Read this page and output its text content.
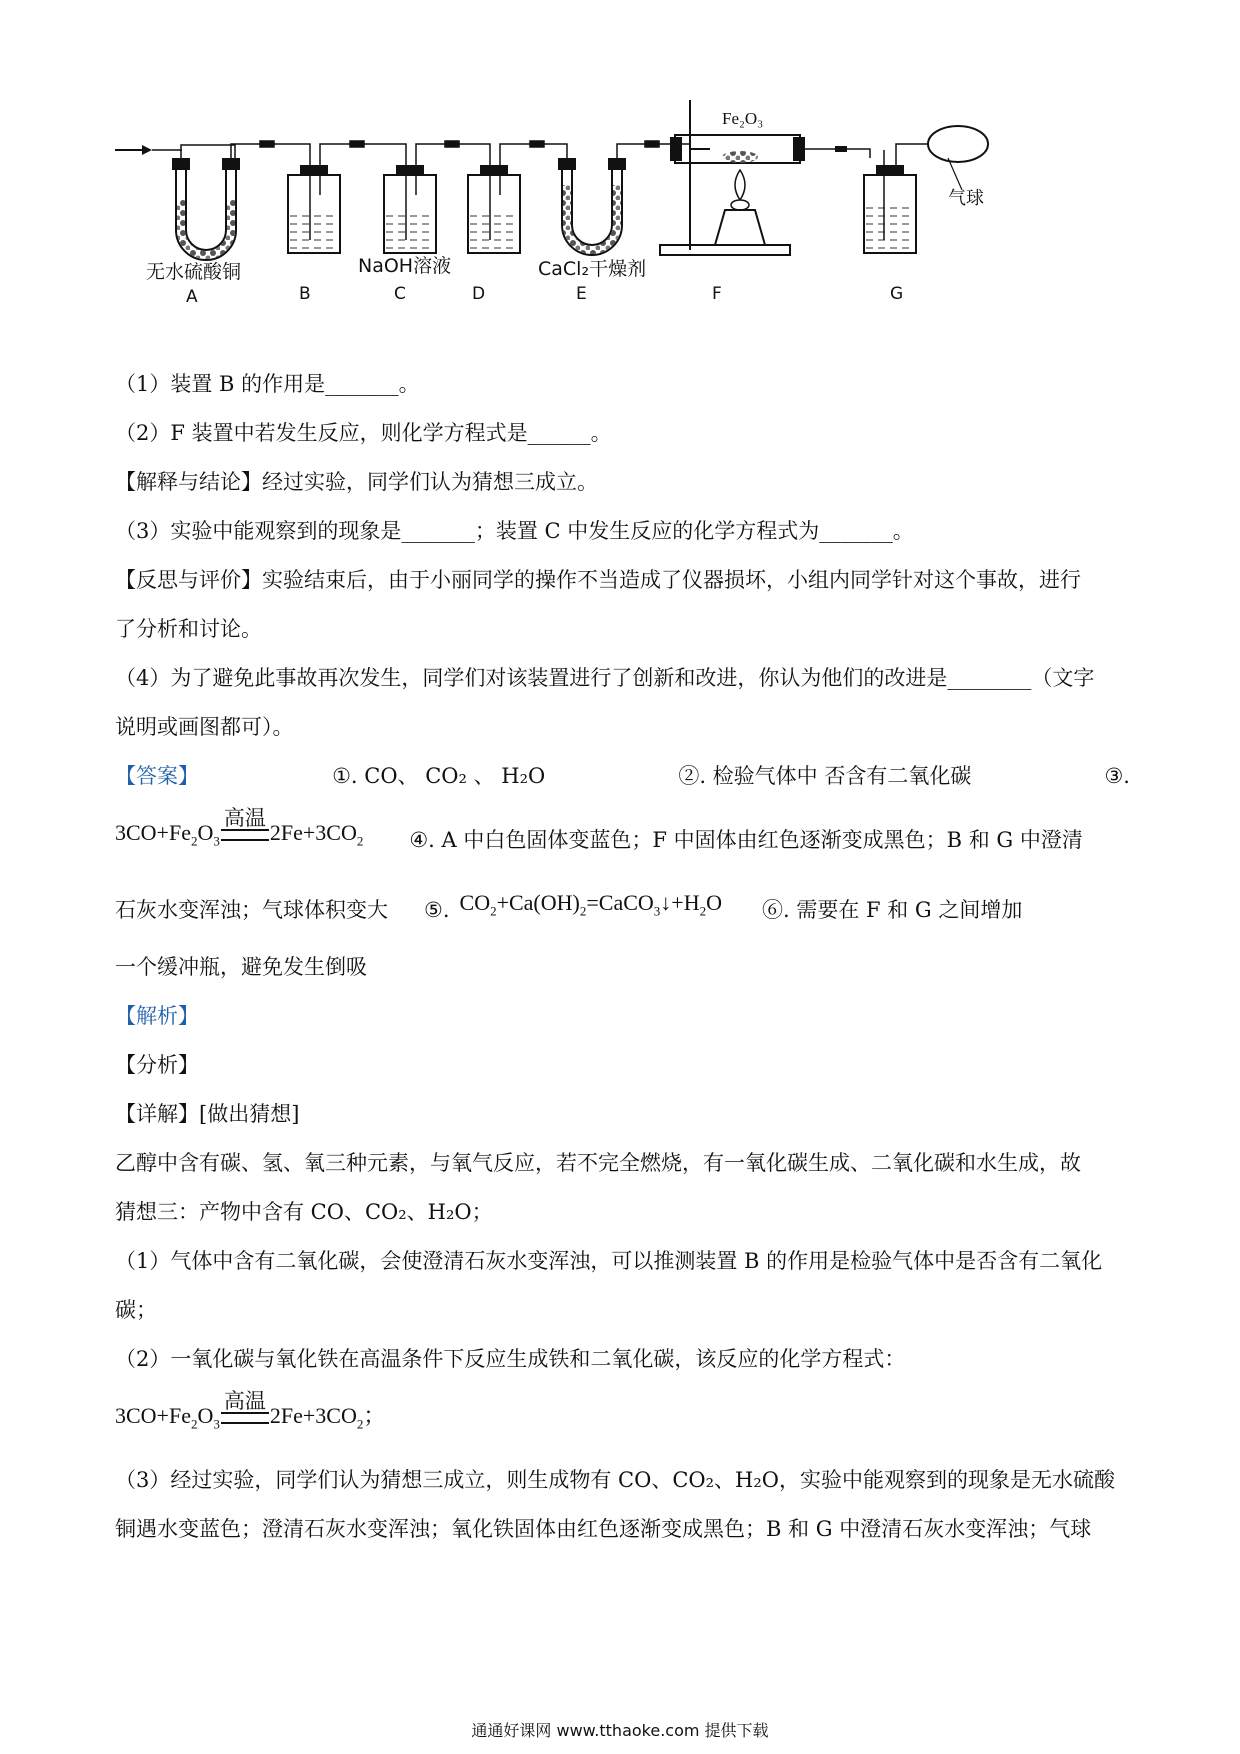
无水硫酸铜	NaOH溶液	CaCl₂干燥剂
Fe₂O₃
气球
A	B	C	D	E	F	G

（1）装置 B 的作用是_______。

（2）F 装置中若发生反应，则化学方程式是______。

【解释与结论】经过实验，同学们认为猜想三成立。

（3）实验中能观察到的现象是_______；装置 C 中发生反应的化学方程式为_______。

【反思与评价】实验结束后，由于小丽同学的操作不当造成了仪器损坏，小组内同学针对这个事故，进行

了分析和讨论。

（4）为了避免此事故再次发生，同学们对该装置进行了创新和改进，你认为他们的改进是________（文字

说明或画图都可）。

【答案】	①. CO、 CO₂ 、 H₂O	②. 检验气体中 否含有二氧化碳	③.
$3CO+Fe_2O_3$
高温
$2Fe+3CO_2$ ④. A 中白色固体变蓝色；F 中固体由红色逐渐变成黑色；B 和 G 中澄清
石灰水变浑浊；气球体积变大 ⑤. $CO_2+Ca(OH)_2=CaCO_3↓+H_2O$ ⑥. 需要在 F 和 G 之间增加

一个缓冲瓶，避免发生倒吸

【解析】

【分析】

【详解】[做出猜想]

乙醇中含有碳、氢、氧三种元素，与氧气反应，若不完全燃烧，有一氧化碳生成、二氧化碳和水生成，故

猜想三：产物中含有 CO、CO₂、H₂O；

（1）气体中含有二氧化碳，会使澄清石灰水变浑浊，可以推测装置 B 的作用是检验气体中是否含有二氧化

碳；

（2）一氧化碳与氧化铁在高温条件下反应生成铁和二氧化碳，该反应的化学方程式：

$3CO+Fe_2O_3$
高温
$2Fe+3CO_2$；

（3）经过实验，同学们认为猜想三成立，则生成物有 CO、CO₂、H₂O，实验中能观察到的现象是无水硫酸

铜遇水变蓝色；澄清石灰水变浑浊；氧化铁固体由红色逐渐变成黑色；B 和 G 中澄清石灰水变浑浊；气球

通通好课网 www.tthaoke.com 提供下载
